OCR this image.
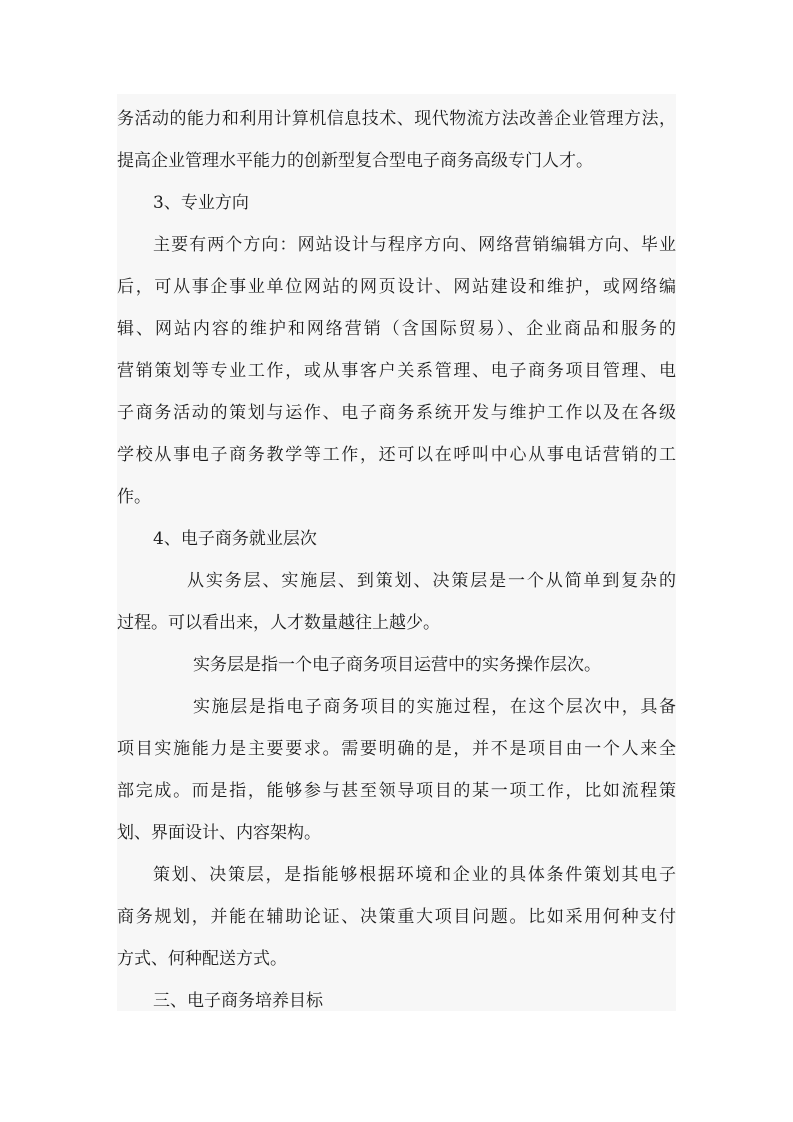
务活动的能力和利用计算机信息技术、现代物流方法改善企业管理方法，
提高企业管理水平能力的创新型复合型电子商务高级专门人才。
3、专业方向
主要有两个方向：网站设计与程序方向、网络营销编辑方向、毕业
后，可从事企事业单位网站的网页设计、网站建设和维护，或网络编
辑、网站内容的维护和网络营销（含国际贸易）、企业商品和服务的
营销策划等专业工作，或从事客户关系管理、电子商务项目管理、电
子商务活动的策划与运作、电子商务系统开发与维护工作以及在各级
学校从事电子商务教学等工作，还可以在呼叫中心从事电话营销的工
作。
4、电子商务就业层次
从实务层、实施层、到策划、决策层是一个从简单到复杂的
过程。可以看出来，人才数量越往上越少。
实务层是指一个电子商务项目运营中的实务操作层次。
实施层是指电子商务项目的实施过程，在这个层次中，具备
项目实施能力是主要要求。需要明确的是，并不是项目由一个人来全
部完成。而是指，能够参与甚至领导项目的某一项工作，比如流程策
划、界面设计、内容架构。
策划、决策层，是指能够根据环境和企业的具体条件策划其电子
商务规划，并能在辅助论证、决策重大项目问题。比如采用何种支付
方式、何种配送方式。
三、电子商务培养目标
